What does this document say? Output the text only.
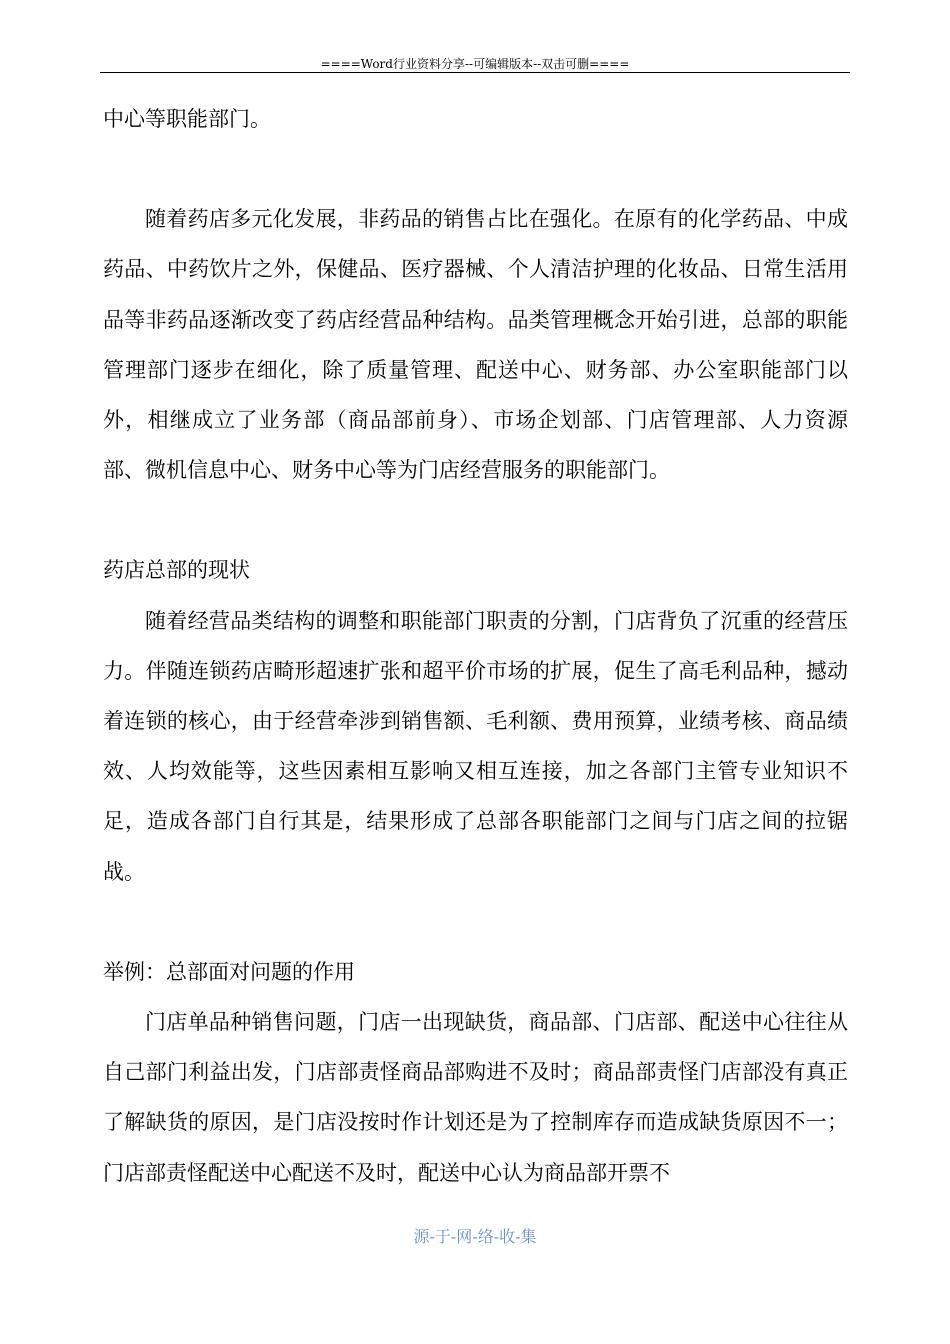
====Word行业资料分享--可编辑版本--双击可删====

中心等职能部门。

随着药店多元化发展，非药品的销售占比在强化。在原有的化学药品、中成药品、中药饮片之外，保健品、医疗器械、个人清洁护理的化妆品、日常生活用品等非药品逐渐改变了药店经营品种结构。品类管理概念开始引进，总部的职能管理部门逐步在细化，除了质量管理、配送中心、财务部、办公室职能部门以外，相继成立了业务部（商品部前身）、市场企划部、门店管理部、人力资源部、微机信息中心、财务中心等为门店经营服务的职能部门。

药店总部的现状

随着经营品类结构的调整和职能部门职责的分割，门店背负了沉重的经营压力。伴随连锁药店畸形超速扩张和超平价市场的扩展，促生了高毛利品种，撼动着连锁的核心，由于经营牵涉到销售额、毛利额、费用预算，业绩考核、商品绩效、人均效能等，这些因素相互影响又相互连接，加之各部门主管专业知识不足，造成各部门自行其是，结果形成了总部各职能部门之间与门店之间的拉锯战。

举例：总部面对问题的作用

门店单品种销售问题，门店一出现缺货，商品部、门店部、配送中心往往从自己部门利益出发，门店部责怪商品部购进不及时；商品部责怪门店部没有真正了解缺货的原因，是门店没按时作计划还是为了控制库存而造成缺货原因不一；门店部责怪配送中心配送不及时，配送中心认为商品部开票不

源-于-网-络-收-集
